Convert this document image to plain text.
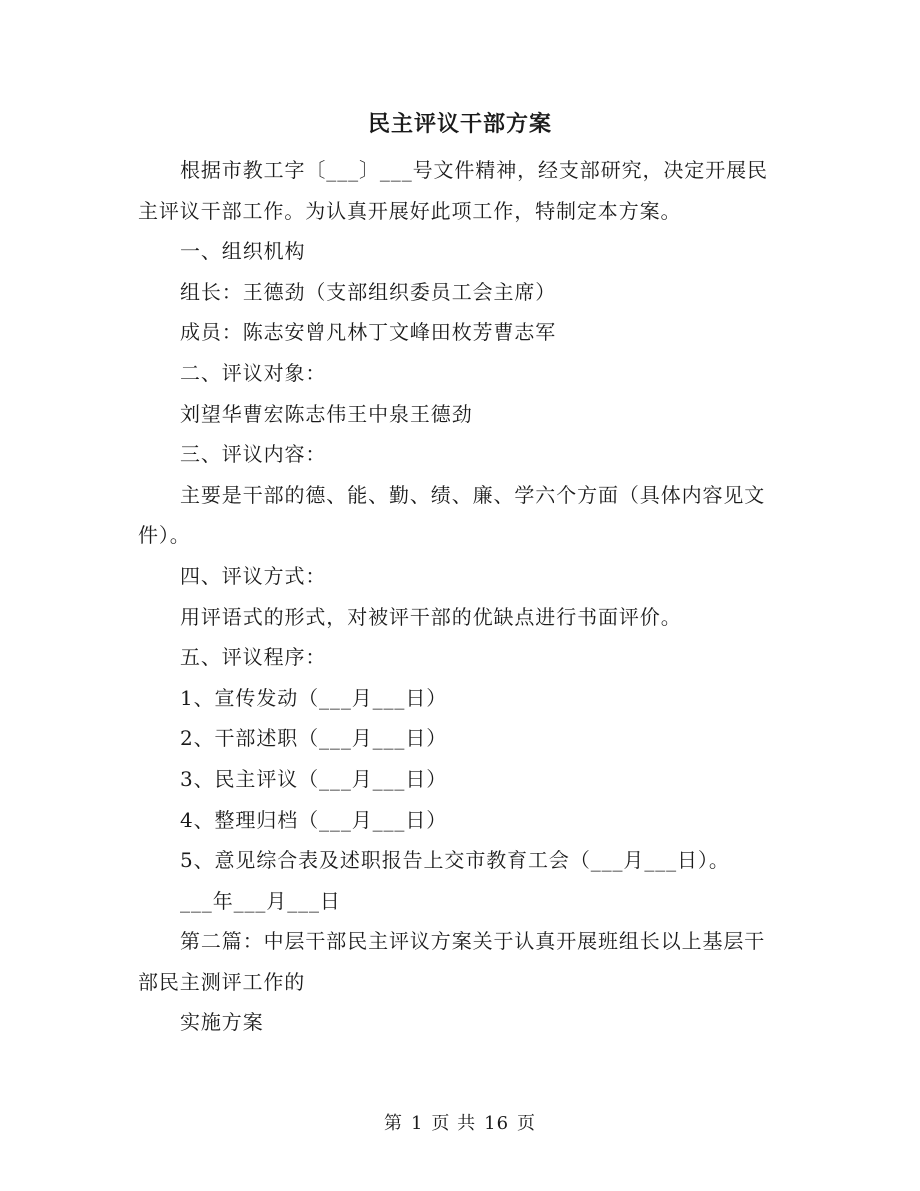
民主评议干部方案

根据市教工字〔___〕___号文件精神，经支部研究，决定开展民主评议干部工作。为认真开展好此项工作，特制定本方案。

一、组织机构

组长：王德劲（支部组织委员工会主席）

成员：陈志安曾凡林丁文峰田枚芳曹志军

二、评议对象：

刘望华曹宏陈志伟王中泉王德劲

三、评议内容：

主要是干部的德、能、勤、绩、廉、学六个方面（具体内容见文件）。

四、评议方式：

用评语式的形式，对被评干部的优缺点进行书面评价。

五、评议程序：

1、宣传发动（___月___日）

2、干部述职（___月___日）

3、民主评议（___月___日）

4、整理归档（___月___日）

5、意见综合表及述职报告上交市教育工会（___月___日）。

___年___月___日

第二篇：中层干部民主评议方案关于认真开展班组长以上基层干部民主测评工作的

实施方案

第 1 页 共 16 页
